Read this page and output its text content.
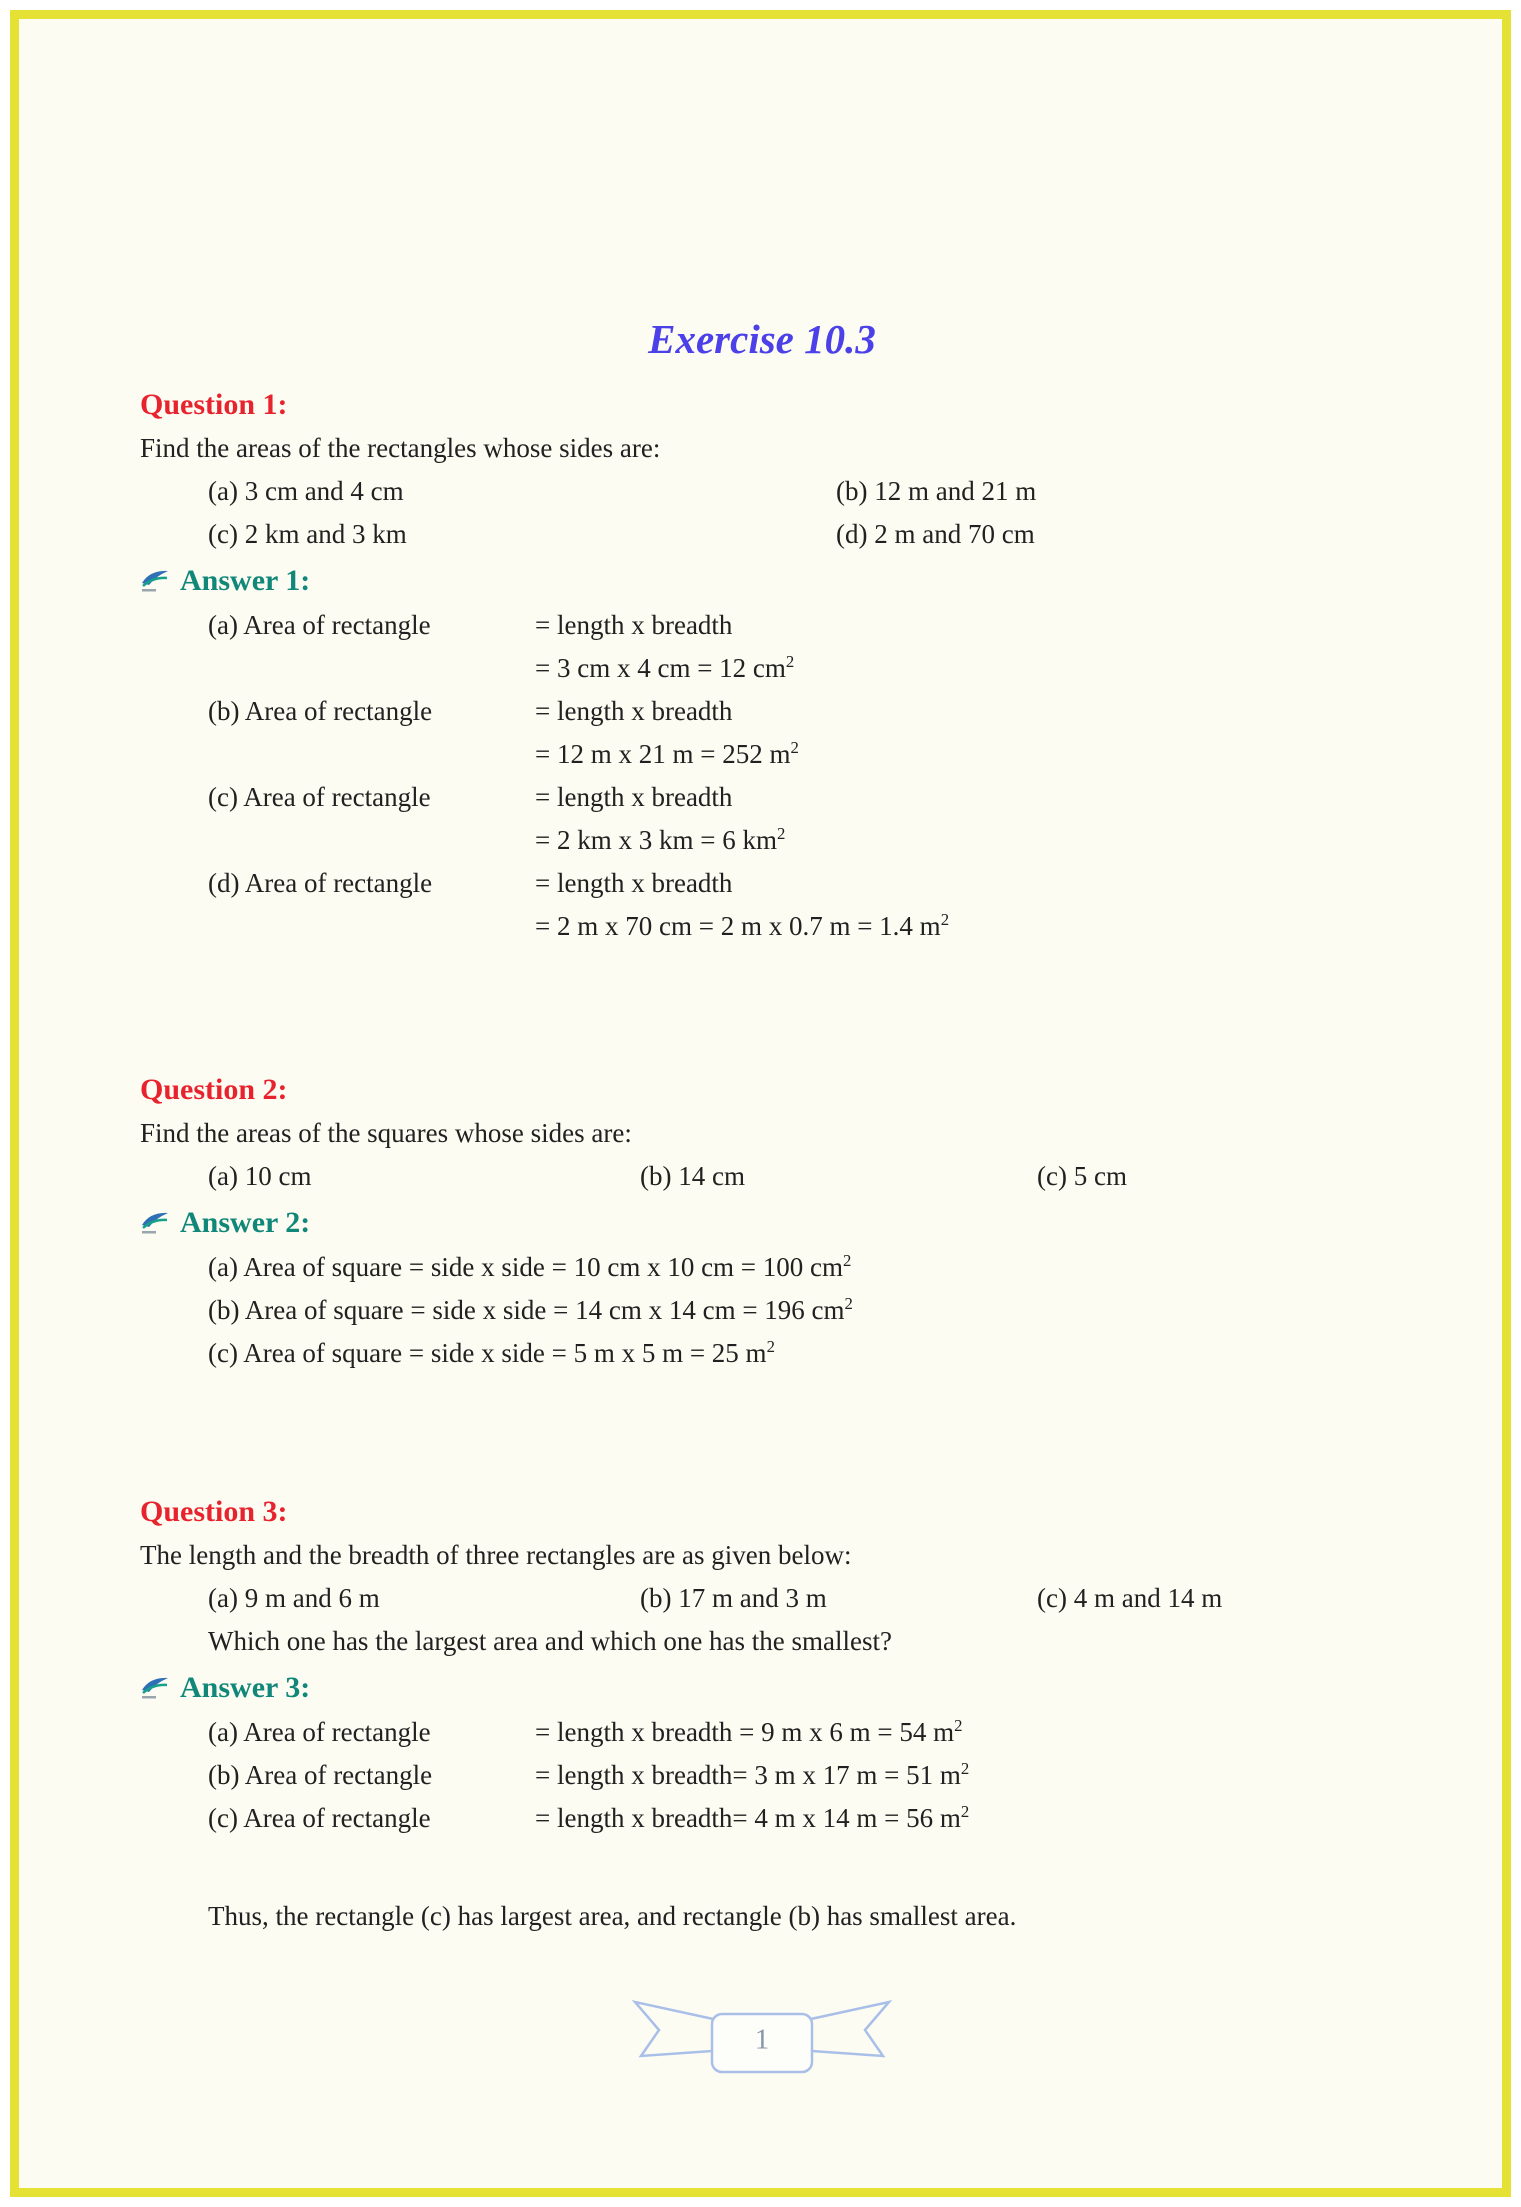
Exercise 10.3
Question 1:

Find the areas of the rectangles whose sides are:

(a) 3 cm and 4 cm	(b) 12 m and 21 m
(c) 2 km and 3 km	(d) 2 m and 70 cm
Answer 1:
(a) Area of rectangle	= length x breadth
= 3 cm x 4 cm = 12 $cm^2$
(b) Area of rectangle	= length x breadth
= 12 m x 21 m = 252 $m^2$
(c) Area of rectangle	= length x breadth
= 2 km x 3 km = 6 $km^2$
(d) Area of rectangle	= length x breadth
= 2 m x 70 cm = 2 m x 0.7 m = 1.4 $m^2$
Question 2:

Find the areas of the squares whose sides are:

(a) 10 cm	(b) 14 cm	(c) 5 cm
Answer 2:
(a) Area of square = side x side = 10 cm x 10 cm = 100 $cm^2$
(b) Area of square = side x side = 14 cm x 14 cm = 196 $cm^2$
(c) Area of square = side x side = 5 m x 5 m = 25 $m^2$
Question 3:

The length and the breadth of three rectangles are as given below:

(a) 9 m and 6 m	(b) 17 m and 3 m	(c) 4 m and 14 m
Which one has the largest area and which one has the smallest?
Answer 3:
(a) Area of rectangle	= length x breadth = 9 m x 6 m = 54 $m^2$
(b) Area of rectangle	= length x breadth= 3 m x 17 m = 51 $m^2$
(c) Area of rectangle	= length x breadth= 4 m x 14 m = 56 $m^2$
Thus, the rectangle (c) has largest area, and rectangle (b) has smallest area.
1
